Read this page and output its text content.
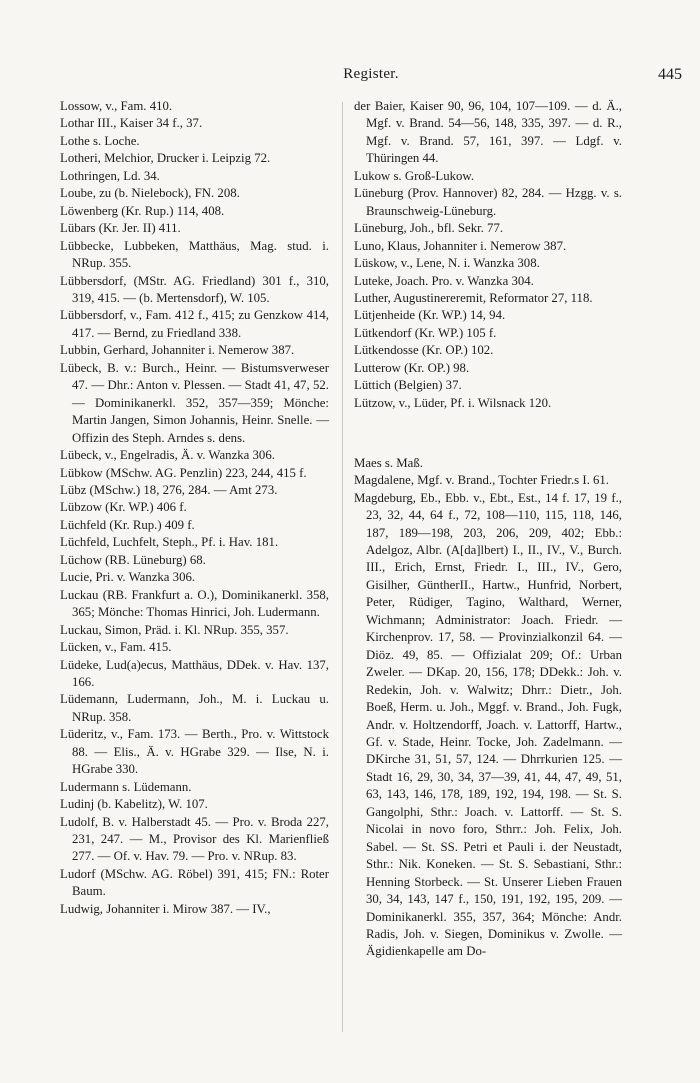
Register.	445

Lossow, v., Fam. 410.

Lothar III., Kaiser 34 f., 37.

Lothe s. Loche.

Lotheri, Melchior, Drucker i. Leipzig 72.

Lothringen, Ld. 34.

Loube, zu (b. Nielebock), FN. 208.

Löwenberg (Kr. Rup.) 114, 408.

Lübars (Kr. Jer. II) 411.

Lübbecke, Lubbeken, Matthäus, Mag. stud. i. NRup. 355.

Lübbersdorf, (MStr. AG. Friedland) 301 f., 310, 319, 415. — (b. Mertensdorf), W. 105.

Lübbersdorf, v., Fam. 412 f., 415; zu Genzkow 414, 417. — Bernd, zu Friedland 338.

Lubbin, Gerhard, Johanniter i. Nemerow 387.

Lübeck, B. v.: Burch., Heinr. — Bistumsverweser 47. — Dhr.: Anton v. Plessen. — Stadt 41, 47, 52. — Dominikanerkl. 352, 357—359; Mönche: Martin Jangen, Simon Johannis, Heinr. Snelle. — Offizin des Steph. Arndes s. dens.

Lübeck, v., Engelradis, Ä. v. Wanzka 306.

Lübkow (MSchw. AG. Penzlin) 223, 244, 415 f.

Lübz (MSchw.) 18, 276, 284. — Amt 273.

Lübzow (Kr. WP.) 406 f.

Lüchfeld (Kr. Rup.) 409 f.

Lüchfeld, Luchfelt, Steph., Pf. i. Hav. 181.

Lüchow (RB. Lüneburg) 68.

Lucie, Pri. v. Wanzka 306.

Luckau (RB. Frankfurt a. O.), Dominikanerkl. 358, 365; Mönche: Thomas Hinrici, Joh. Ludermann.

Luckau, Simon, Präd. i. Kl. NRup. 355, 357.

Lücken, v., Fam. 415.

Lüdeke, Lud(a)ecus, Matthäus, DDek. v. Hav. 137, 166.

Lüdemann, Ludermann, Joh., M. i. Luckau u. NRup. 358.

Lüderitz, v., Fam. 173. — Berth., Pro. v. Wittstock 88. — Elis., Ä. v. HGrabe 329. — Ilse, N. i. HGrabe 330.

Ludermann s. Lüdemann.

Ludinj (b. Kabelitz), W. 107.

Ludolf, B. v. Halberstadt 45. — Pro. v. Broda 227, 231, 247. — M., Provisor des Kl. Marienfließ 277. — Of. v. Hav. 79. — Pro. v. NRup. 83.

Ludorf (MSchw. AG. Röbel) 391, 415; FN.: Roter Baum.

Ludwig, Johanniter i. Mirow 387. — IV.,

der Baier, Kaiser 90, 96, 104, 107—109. — d. Ä., Mgf. v. Brand. 54—56, 148, 335, 397. — d. R., Mgf. v. Brand. 57, 161, 397. — Ldgf. v. Thüringen 44.

Lukow s. Groß-Lukow.

Lüneburg (Prov. Hannover) 82, 284. — Hzgg. v. s. Braunschweig-Lüneburg.

Lüneburg, Joh., bfl. Sekr. 77.

Luno, Klaus, Johanniter i. Nemerow 387.

Lüskow, v., Lene, N. i. Wanzka 308.

Luteke, Joach. Pro. v. Wanzka 304.

Luther, Augustinereremit, Reformator 27, 118.

Lütjenheide (Kr. WP.) 14, 94.

Lütkendorf (Kr. WP.) 105 f.

Lütkendosse (Kr. OP.) 102.

Lutterow (Kr. OP.) 98.

Lüttich (Belgien) 37.

Lützow, v., Lüder, Pf. i. Wilsnack 120.

Maes s. Maß.

Magdalene, Mgf. v. Brand., Tochter Friedr.s I. 61.

Magdeburg, Eb., Ebb. v., Ebt., Est., 14 f. 17, 19 f., 23, 32, 44, 64 f., 72, 108—110, 115, 118, 146, 187, 189—198, 203, 206, 209, 402; Ebb.: Adelgoz, Albr. (A[da]lbert) I., II., IV., V., Burch. III., Erich, Ernst, Friedr. I., III., IV., Gero, Gisilher, GüntherII., Hartw., Hunfrid, Norbert, Peter, Rüdiger, Tagino, Walthard, Werner, Wichmann; Administrator: Joach. Friedr. — Kirchenprov. 17, 58. — Provinzialkonzil 64. — Diöz. 49, 85. — Offizialat 209; Of.: Urban Zweler. — DKap. 20, 156, 178; DDekk.: Joh. v. Redekin, Joh. v. Walwitz; Dhrr.: Dietr., Joh. Boeß, Herm. u. Joh., Mggf. v. Brand., Joh. Fugk, Andr. v. Holtzendorff, Joach. v. Lattorff, Hartw., Gf. v. Stade, Heinr. Tocke, Joh. Zadelmann. — DKirche 31, 51, 57, 124. — Dhrrkurien 125. — Stadt 16, 29, 30, 34, 37—39, 41, 44, 47, 49, 51, 63, 143, 146, 178, 189, 192, 194, 198. — St. S. Gangolphi, Sthr.: Joach. v. Lattorff. — St. S. Nicolai in novo foro, Sthrr.: Joh. Felix, Joh. Sabel. — St. SS. Petri et Pauli i. der Neustadt, Sthr.: Nik. Koneken. — St. S. Sebastiani, Sthr.: Henning Storbeck. — St. Unserer Lieben Frauen 30, 34, 143, 147 f., 150, 191, 192, 195, 209. — Dominikanerkl. 355, 357, 364; Mönche: Andr. Radis, Joh. v. Siegen, Dominikus v. Zwolle. — Ägidienkapelle am Do-
